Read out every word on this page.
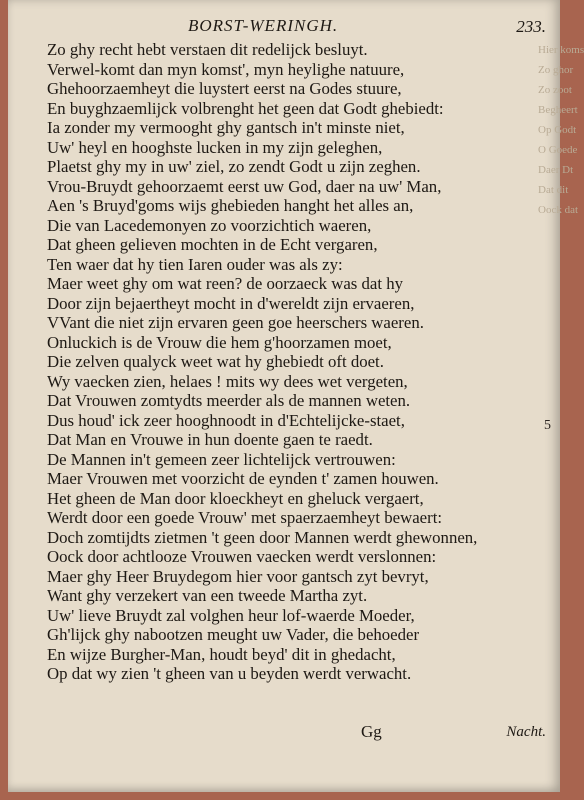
Hier koms
Zo ghor
Zo zoot
Begheert
Op Godt
O Goede
Daer Dt
Dat dit
Oock dat
BORST-WERINGH.	233.
Zo ghy recht hebt verstaen dit redelijck besluyt.
Verwel-komt dan myn komst', myn heylighe natuure,
Ghehoorzaemheyt die luystert eerst na Godes stuure,
En buyghzaemlijck volbrenght het geen dat Godt ghebiedt:
Ia zonder my vermooght ghy gantsch in't minste niet,
Uw' heyl en hooghste lucken in my zijn geleghen,
Plaetst ghy my in uw' ziel, zo zendt Godt u zijn zeghen.
Vrou-Bruydt gehoorzaemt eerst uw God, daer na uw' Man,
Aen 's Bruyd'goms wijs ghebieden hanght het alles an,
Die van Lacedemonyen zo voorzichtich waeren,
Dat gheen gelieven mochten in de Echt vergaren,
Ten waer dat hy tien Iaren ouder was als zy:
Maer weet ghy om wat reen? de oorzaeck was dat hy
Door zijn bejaertheyt mocht in d'wereldt zijn ervaeren,
VVant die niet zijn ervaren geen goe heerschers waeren.
Onluckich is de Vrouw die hem g'hoorzamen moet,
Die zelven qualyck weet wat hy ghebiedt oft doet.
Wy vaecken zien, helaes ! mits wy dees wet vergeten,
Dat Vrouwen zomtydts meerder als de mannen weten.
Dus houd' ick zeer hooghnoodt in d'Echtelijcke-staet,
Dat Man en Vrouwe in hun doente gaen te raedt.
De Mannen in't gemeen zeer lichtelijck vertrouwen:
Maer Vrouwen met voorzicht de eynden t' zamen houwen.
Het gheen de Man door kloeckheyt en gheluck vergaert,
Werdt door een goede Vrouw' met spaerzaemheyt bewaert:
Doch zomtijdts zietmen 't geen door Mannen werdt ghewonnen,
Oock door achtlooze Vrouwen vaecken werdt verslonnen:
Maer ghy Heer Bruydegom hier voor gantsch zyt bevryt,
Want ghy verzekert van een tweede Martha zyt.
Uw' lieve Bruydt zal volghen heur lof-waerde Moeder,
Gh'lijck ghy nabootzen meught uw Vader, die behoeder
En wijze Burgher-Man, houdt beyd' dit in ghedacht,
Op dat wy zien 't gheen van u beyden werdt verwacht.
5
Gg	Nacht.
